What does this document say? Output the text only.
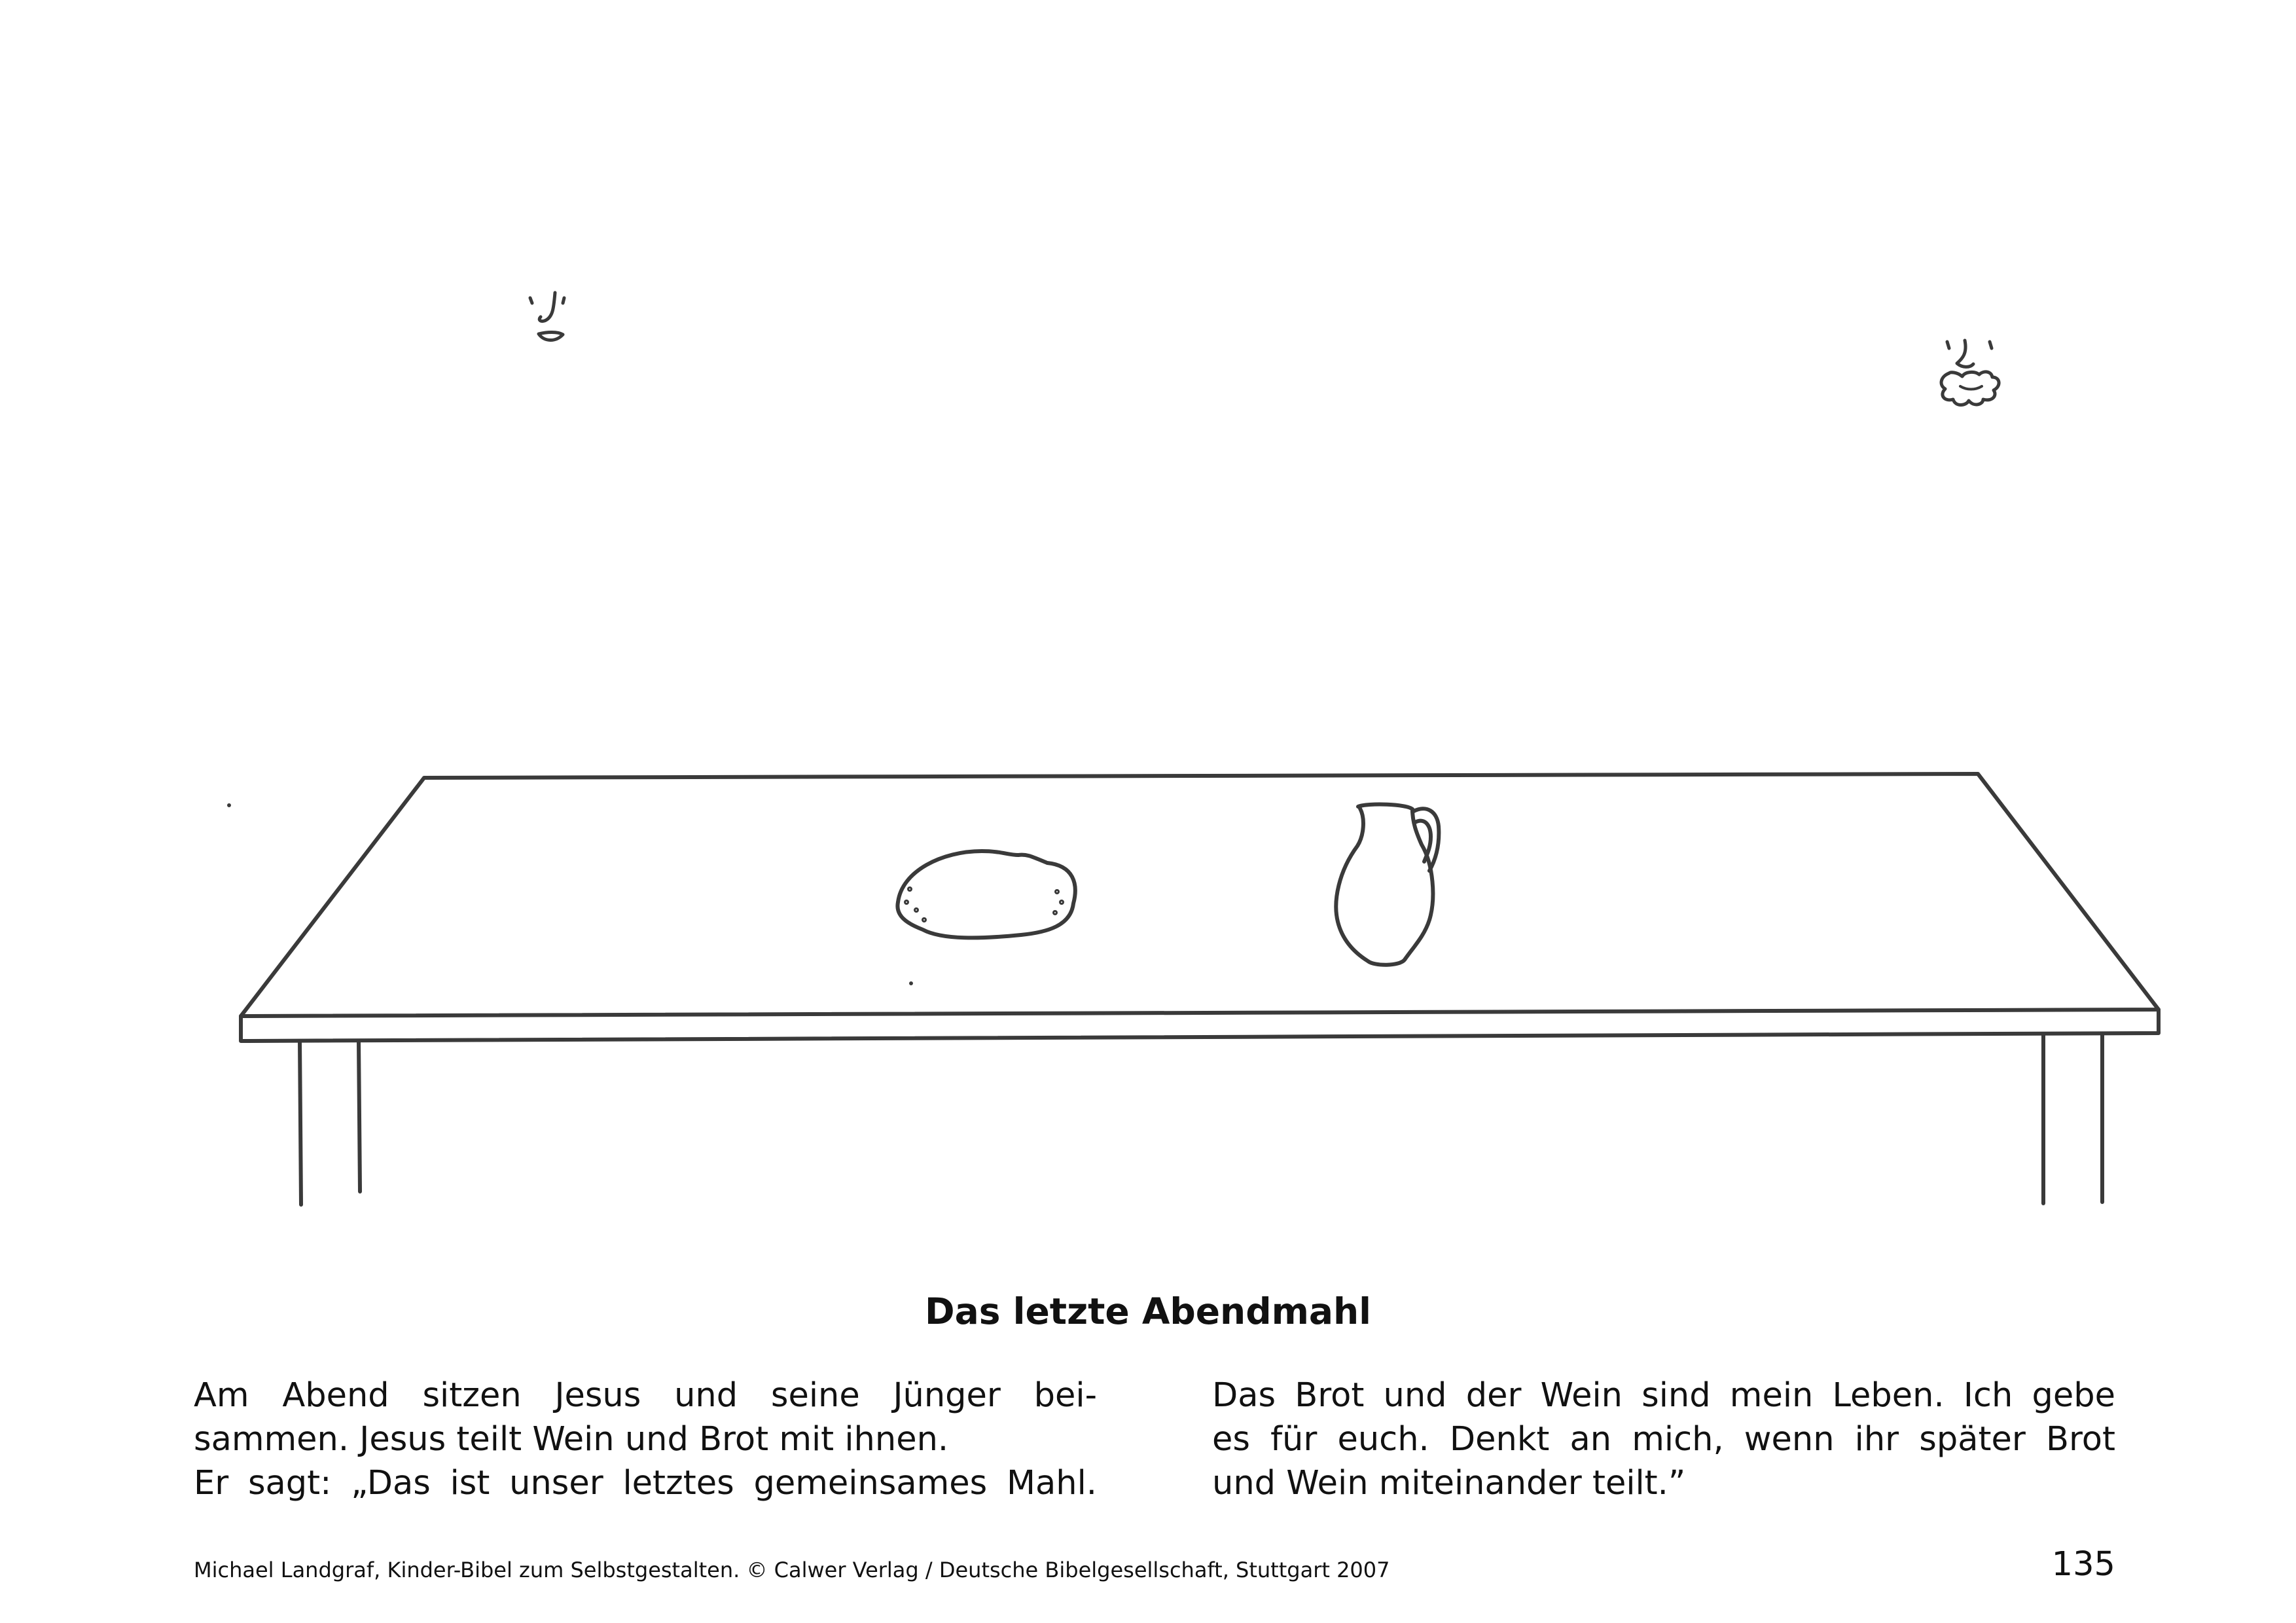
Das letzte Abendmahl
Am Abend sitzen Jesus und seine Jünger bei-
sammen. Jesus teilt Wein und Brot mit ihnen.
Er sagt: „Das ist unser letztes gemeinsames Mahl.
Das Brot und der Wein sind mein Leben. Ich gebe
es für euch. Denkt an mich, wenn ihr später Brot
und Wein miteinander teilt.”
Michael Landgraf, Kinder-Bibel zum Selbstgestalten. © Calwer Verlag / Deutsche Bibelgesellschaft, Stuttgart 2007	135
